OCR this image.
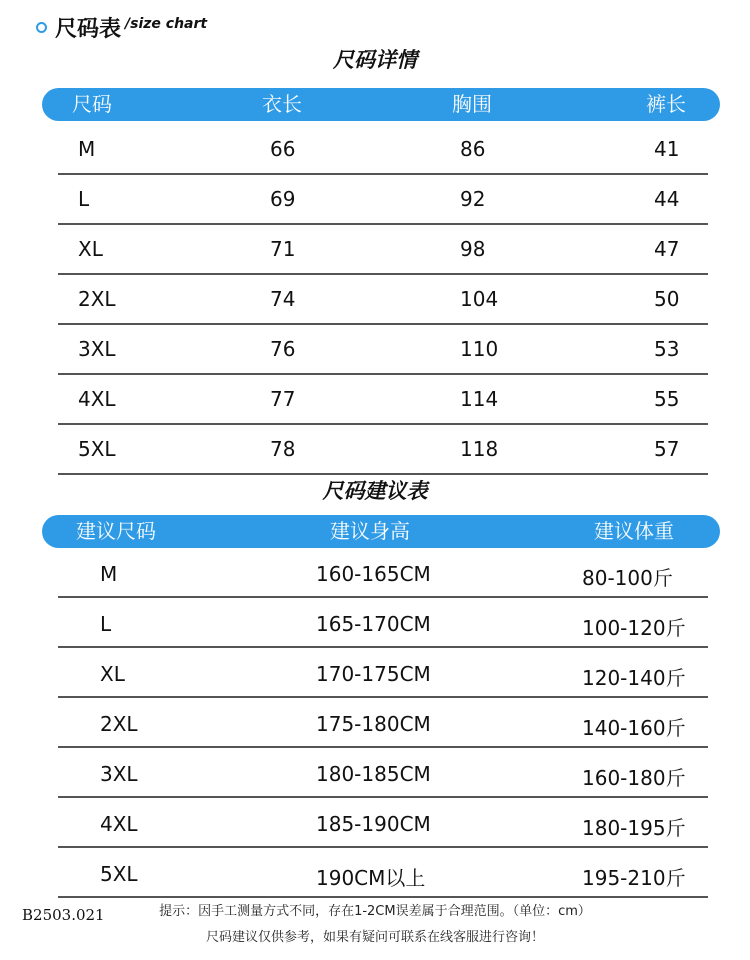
尺码表 /size chart
尺码详情
尺码	衣长	胸围	裤长
M	66	86	41
L	69	92	44
XL	71	98	47
2XL	74	104	50
3XL	76	110	53
4XL	77	114	55
5XL	78	118	57
尺码建议表
建议尺码	建议身高	建议体重
M	160-165CM	80-100斤
L	165-170CM	100-120斤
XL	170-175CM	120-140斤
2XL	175-180CM	140-160斤
3XL	180-185CM	160-180斤
4XL	185-190CM	180-195斤
5XL	190CM以上	195-210斤
提示：因手工测量方式不同，存在1-2CM误差属于合理范围。（单位：cm）
尺码建议仅供参考，如果有疑问可联系在线客服进行咨询！
B2503.021
